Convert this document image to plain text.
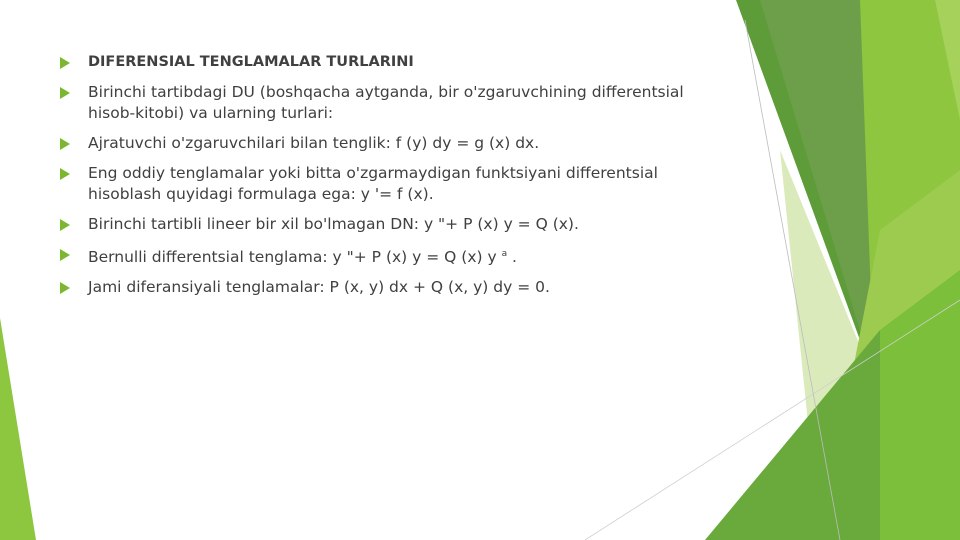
DIFERENSIAL TENGLAMALAR TURLARINI
Birinchi tartibdagi DU (boshqacha aytganda, bir o'zgaruvchining differentsial hisob-kitobi) va ularning turlari:
Ajratuvchi o'zgaruvchilari bilan tenglik: f (y) dy = g (x) dx.
Eng oddiy tenglamalar yoki bitta o'zgarmaydigan funktsiyani differentsial hisoblash quyidagi formulaga ega: y '= f (x).
Birinchi tartibli lineer bir xil bo'lmagan DN: y "+ P (x) y = Q (x).
Bernulli differentsial tenglama: y "+ P (x) y = Q (x) y $^a$ .
Jami diferansiyali tenglamalar: P (x, y) dx + Q (x, y) dy = 0.
